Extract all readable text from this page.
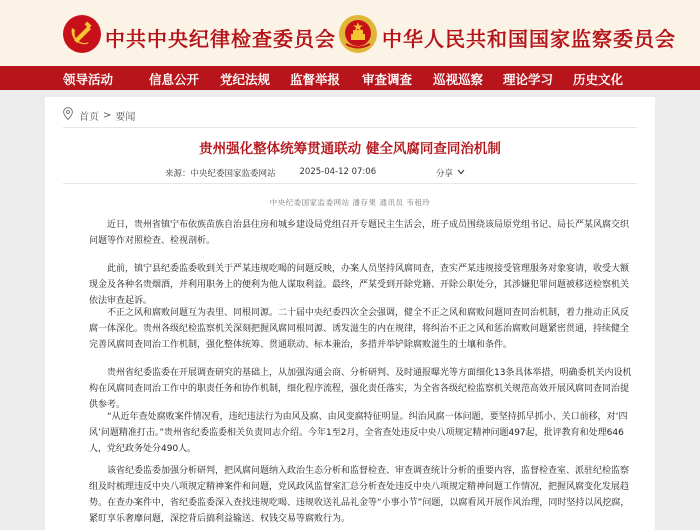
中共中央纪律检查委员会 中华人民共和国国家监察委员会
领导活动	信息公开 党纪法规 监督举报 审查调查 巡视巡察 理论学习 历史文化
首页 > 要闻
贵州强化整体统筹贯通联动 健全风腐同查同治机制
来源：中央纪委国家监委网站	2025-04-12 07:06	分享
中央纪委国家监委网站 潘存果 通讯员 韦租玲

近日，贵州省镇宁布依族苗族自治县住房和城乡建设局党组召开专题民主生活会，班子成员围绕该局原党组书记、局长严某风腐交织问题等作对照检查、检视剖析。

此前，镇宁县纪委监委收到关于严某违规吃喝的问题反映，办案人员坚持风腐同查，查实严某违规接受管理服务对象宴请，收受大额现金及各种名贵烟酒，并利用职务上的便利为他人谋取利益。最终，严某受到开除党籍、开除公职处分，其涉嫌犯罪问题被移送检察机关依法审查起诉。

不正之风和腐败问题互为表里、同根同源。二十届中央纪委四次全会强调，健全不正之风和腐败问题同查同治机制，着力推动正风反腐一体深化。贵州各级纪检监察机关深刻把握风腐同根同源、诱发滋生的内在规律，将纠治不正之风和惩治腐败问题紧密贯通，持续健全完善风腐同查同治工作机制，强化整体统筹、贯通联动、标本兼治，多措并举铲除腐败滋生的土壤和条件。

贵州省纪委监委在开展调查研究的基础上，从加强沟通会商、分析研判、及时通报曝光等方面细化13条具体举措，明确委机关内设机构在风腐同查同治工作中的职责任务和协作机制，细化程序流程，强化责任落实，为全省各级纪检监察机关规范高效开展风腐同查同治提供参考。

“从近年查处腐败案件情况看，违纪违法行为由风及腐、由风变腐特征明显。纠治风腐一体问题，要坚持抓早抓小、关口前移，对‘四风’问题精准打击。”贵州省纪委监委相关负责同志介绍。今年1至2月，全省查处违反中央八项规定精神问题497起，批评教育和处理646人，党纪政务处分490人。

该省纪委监委加强分析研判，把风腐问题纳入政治生态分析和监督检查、审查调查统计分析的重要内容，监督检查室、派驻纪检监察组及时梳理违反中央八项规定精神案件和问题，党风政风监督室汇总分析查处违反中央八项规定精神问题工作情况，把握风腐变化发展趋势。在查办案件中，省纪委监委深入查找违规吃喝、违规收送礼品礼金等“小事小节”问题，以腐看风开展作风治理，同时坚持以风挖腐，紧盯享乐奢靡问题，深挖背后搞利益输送、权钱交易等腐败行为。
